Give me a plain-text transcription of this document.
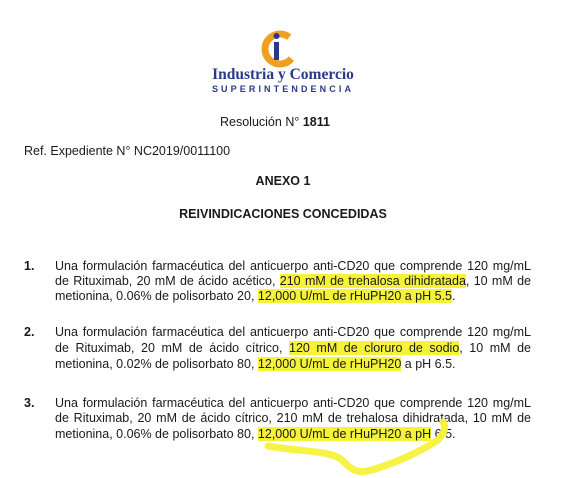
Industria y Comercio
SUPERINTENDENCIA
Resolución N° 1811
Ref. Expediente N° NC2019/0011100
ANEXO 1
REIVINDICACIONES CONCEDIDAS
1. Una formulación farmacéutica del anticuerpo anti-CD20 que comprende 120 mg/mL
de Rituximab, 20 mM de ácido acético, 210 mM de trehalosa dihidratada, 10 mM de
metionina, 0.06% de polisorbato 20, 12,000 U/mL de rHuPH20 a pH 5.5.
2. Una formulación farmacéutica del anticuerpo anti-CD20 que comprende 120 mg/mL
de Rituximab, 20 mM de ácido cítrico, 120 mM de cloruro de sodio, 10 mM de
metionina, 0.02% de polisorbato 80, 12,000 U/mL de rHuPH20 a pH 6.5.
3. Una formulación farmacéutica del anticuerpo anti-CD20 que comprende 120 mg/mL
de Rituximab, 20 mM de ácido cítrico, 210 mM de trehalosa dihidratada, 10 mM de
metionina, 0.06% de polisorbato 80, 12,000 U/mL de rHuPH20 a pH 6.5.
